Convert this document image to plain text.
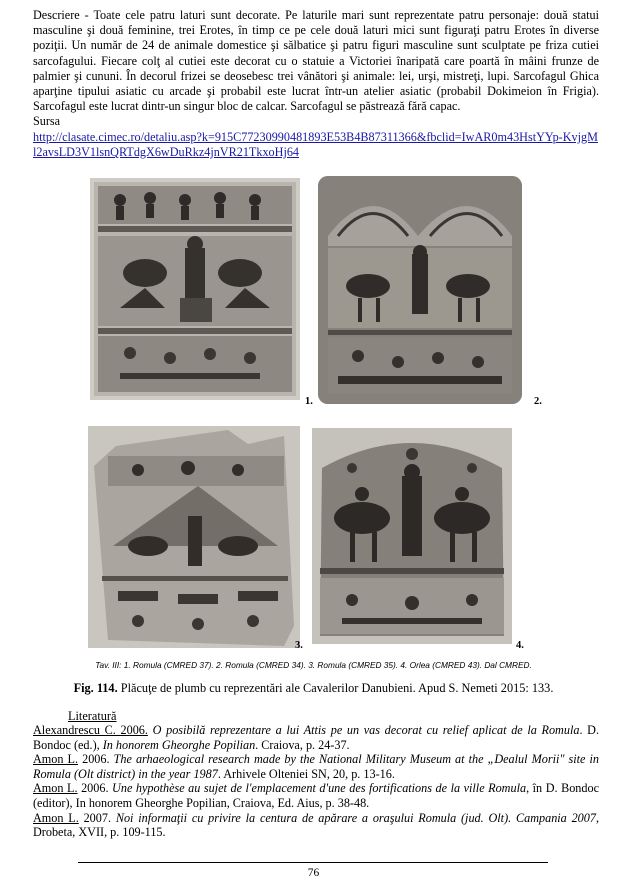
Descriere - Toate cele patru laturi sunt decorate. Pe laturile mari sunt reprezentate patru personaje: două statui masculine şi două feminine, trei Erotes, în timp ce pe cele două laturi mici sunt figuraţi patru Erotes în diverse poziţii. Un număr de 24 de animale domestice şi sălbatice şi patru figuri masculine sunt sculptate pe friza cutiei sarcofagului. Fiecare colţ al cutiei este decorat cu o statuie a Victoriei înaripată care poartă în mâini frunze de palmier şi cununi. În decorul frizei se deosebesc trei vânători şi animale: lei, urşi, mistreţi, lupi. Sarcofagul Ghica aparţine tipului asiatic cu arcade şi probabil este lucrat într-un atelier asiatic (probabil Dokimeion în Frigia). Sarcofagul este lucrat dintr-un singur bloc de calcar. Sarcofagul se păstrează fără capac.

Sursa

http://clasate.cimec.ro/detaliu.asp?k=915C77230990481893E53B4B87311366&fbclid=IwAR0m43HstYYp-KvjgMl2avsLD3V1lsnQRTdgX6wDuRkz4jnVR21TkxoHj64

1.	2.
3.	4.
Tav. III: 1. Romula (CMRED 37). 2. Romula (CMRED 34). 3. Romula (CMRED 35). 4. Orlea (CMRED 43). Dal CMRED.
Fig. 114. Plăcuţe de plumb cu reprezentări ale Cavalerilor Danubieni. Apud S. Nemeti 2015: 133.
Literatură

Alexandrescu C. 2006. O posibilă reprezentare a lui Attis pe un vas decorat cu relief aplicat de la Romula. D. Bondoc (ed.), In honorem Gheorghe Popilian. Craiova, p. 24-37.

Amon L. 2006. The arhaeological research made by the National Military Museum at the „Dealul Morii" site in Romula (Olt district) in the year 1987. Arhivele Olteniei SN, 20, p. 13-16.

Amon L. 2006. Une hypothèse au sujet de l'emplacement d'une des fortifications de la ville Romula, în D. Bondoc (editor), In honorem Gheorghe Popilian, Craiova, Ed. Aius, p. 38-48.

Amon L. 2007. Noi informaţii cu privire la centura de apărare a oraşului Romula (jud. Olt). Campania 2007, Drobeta, XVII, p. 109-115.

76
